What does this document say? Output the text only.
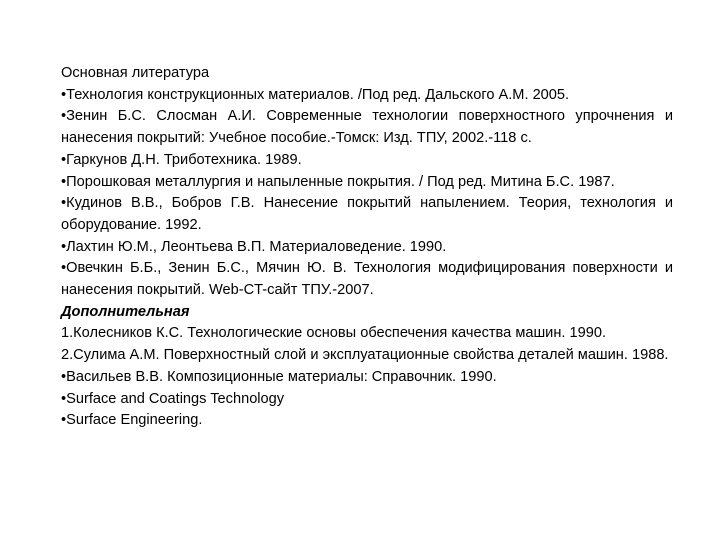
Основная литература

•Технология конструкционных материалов. /Под ред. Дальского А.М. 2005.

•Зенин Б.С. Слосман А.И. Современные технологии поверхностного упрочнения и нанесения покрытий: Учебное пособие.-Томск: Изд. ТПУ, 2002.-118 с.

•Гаркунов Д.Н. Триботехника. 1989.

•Порошковая металлургия и напыленные покрытия. / Под ред. Митина Б.С. 1987.

•Кудинов В.В., Бобров Г.В. Нанесение покрытий напылением. Теория, технология и оборудование. 1992.

•Лахтин Ю.М., Леонтьева В.П. Материаловедение. 1990.

•Овечкин Б.Б., Зенин Б.С., Мячин Ю. В. Технология модифицирования поверхности и нанесения покрытий. Web-CT-сайт ТПУ.-2007.

Дополнительная

1.Колесников К.С. Технологические основы обеспечения качества машин. 1990.

2.Сулима А.М. Поверхностный слой и эксплуатационные свойства деталей машин. 1988.

•Васильев В.В. Композиционные материалы: Справочник. 1990.

•Surface and Coatings Technology

•Surface Engineering.
